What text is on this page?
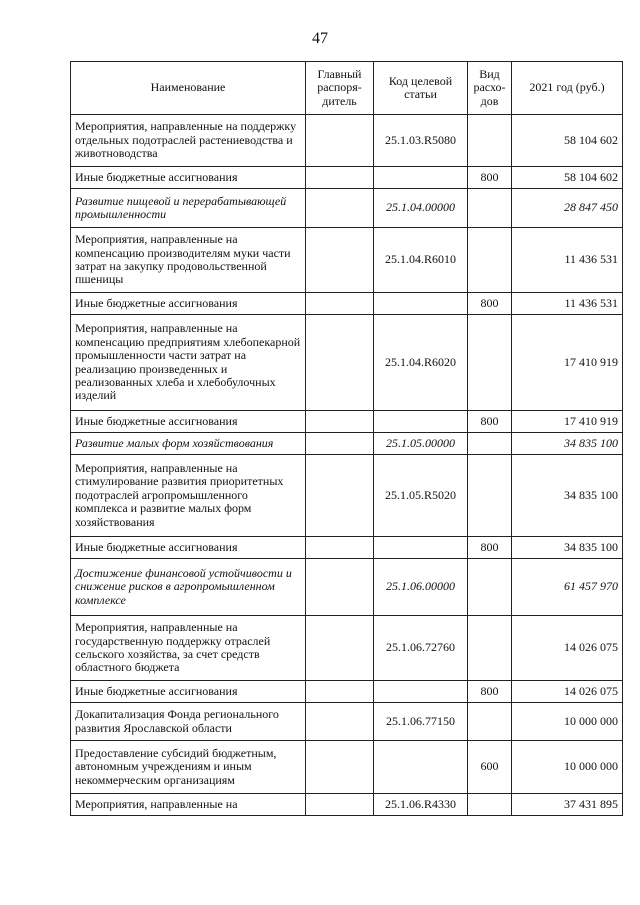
47
Наименование	Главный распоря-дитель	Код целевой статьи	Вид расхо-дов	2021 год (руб.)
Мероприятия, направленные на поддержку отдельных подотраслей растениеводства и животноводства		25.1.03.R5080		58 104 602
Иные бюджетные ассигнования			800	58 104 602
Развитие пищевой и перерабатывающей промышленности		25.1.04.00000		28 847 450
Мероприятия, направленные на компенсацию производителям муки части затрат на закупку продовольственной пшеницы		25.1.04.R6010		11 436 531
Иные бюджетные ассигнования			800	11 436 531
Мероприятия, направленные на компенсацию предприятиям хлебопекарной промышленности части затрат на реализацию произведенных и реализованных хлеба и хлебобулочных изделий		25.1.04.R6020		17 410 919
Иные бюджетные ассигнования			800	17 410 919
Развитие малых форм хозяйствования		25.1.05.00000		34 835 100
Мероприятия, направленные на стимулирование развития приоритетных подотраслей агропромышленного комплекса и развитие малых форм хозяйствования		25.1.05.R5020		34 835 100
Иные бюджетные ассигнования			800	34 835 100
Достижение финансовой устойчивости и снижение рисков в агропромышленном комплексе		25.1.06.00000		61 457 970
Мероприятия, направленные на государственную поддержку отраслей сельского хозяйства, за счет средств областного бюджета		25.1.06.72760		14 026 075
Иные бюджетные ассигнования			800	14 026 075
Докапитализация Фонда регионального развития Ярославской области		25.1.06.77150		10 000 000
Предоставление субсидий бюджетным, автономным учреждениям и иным некоммерческим организациям			600	10 000 000
Мероприятия, направленные на		25.1.06.R4330		37 431 895
